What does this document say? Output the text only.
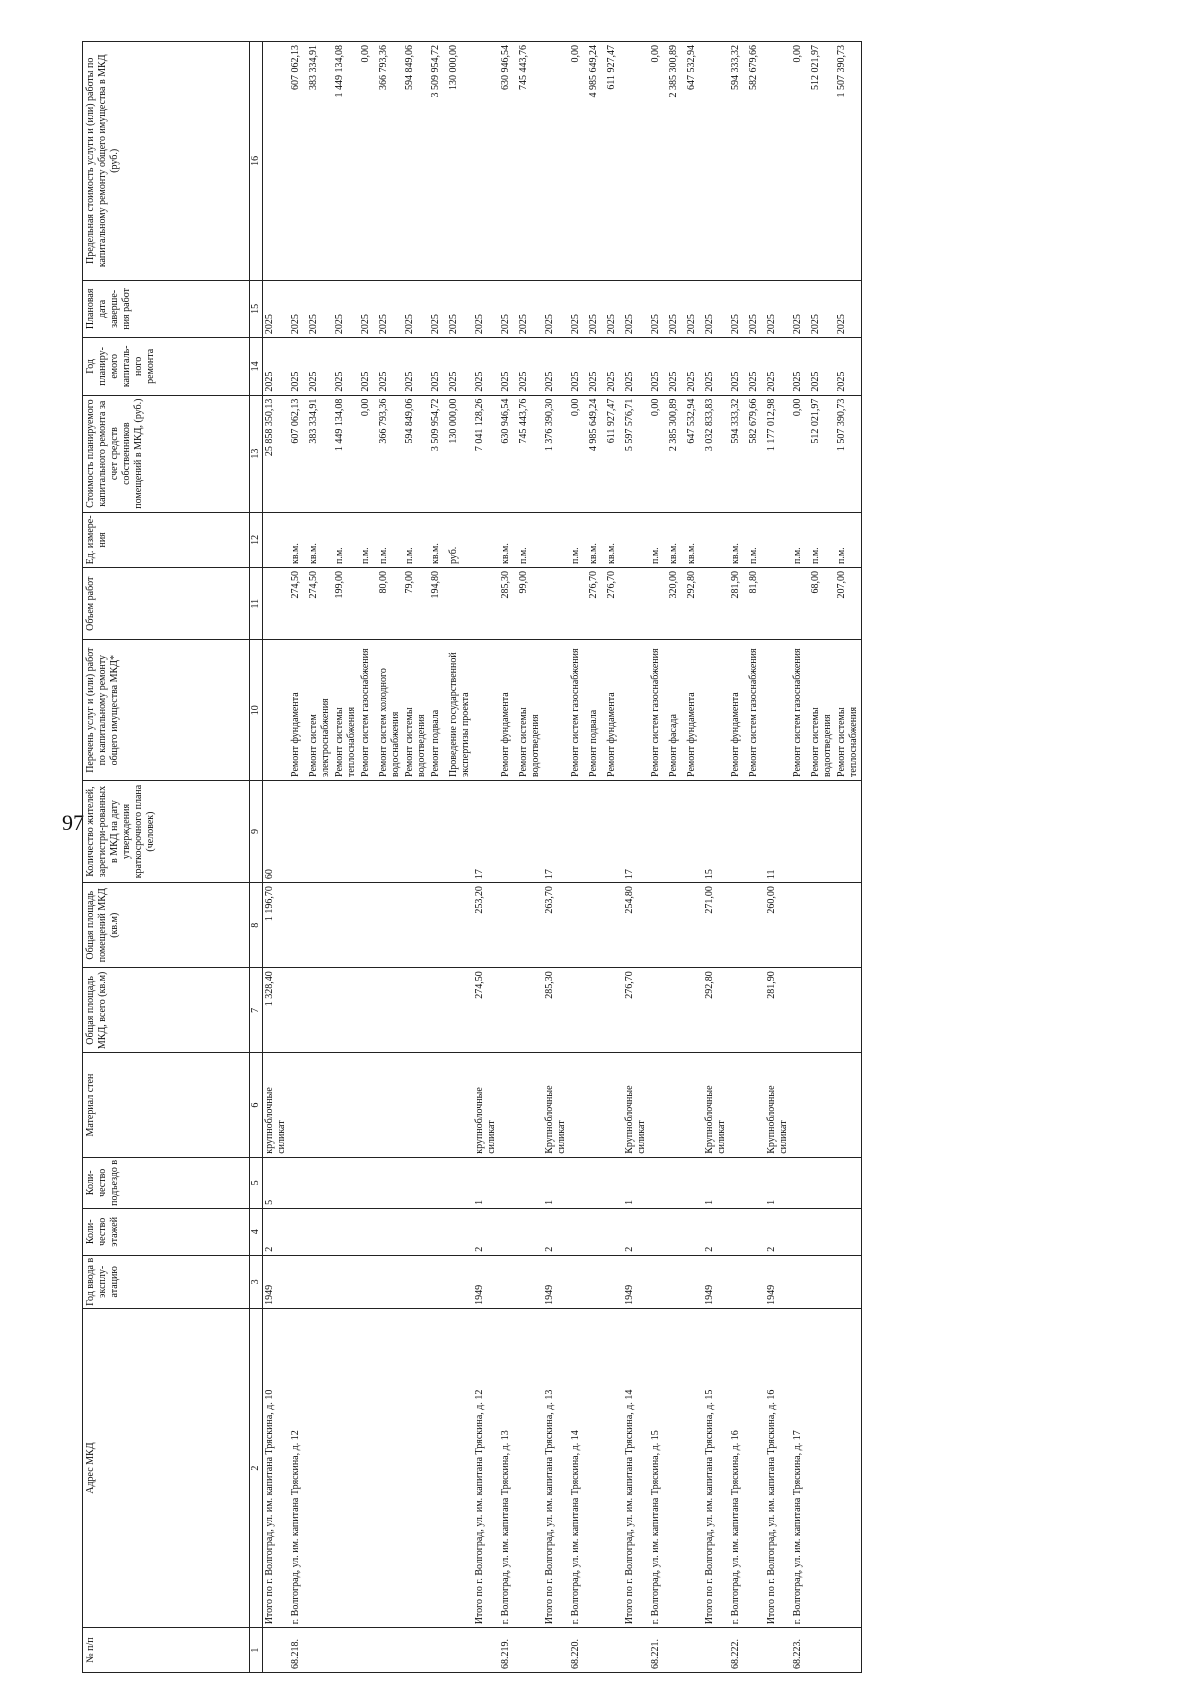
97
№ п/п	Адрес МКД	Год ввода в эксплу-атацию	Коли-чество этажей	Коли-чество подъездо в	Материал стен	Общая площадь МКД, всего (кв.м)	Общая площадь помещений МКД (кв.м)	Количество жителей, зарегистри-рованных в МКД на дату утверждения краткосрочного плана (человек)	Перечень услуг и (или) работ по капитальному ремонту общего имущества МКД*	Объем работ	Ед. измере-ния	Стоимость планируемого капитального ремонта за счет средств собственников помещений в МКД, (руб.)	Год планиру-емого капиталь-ного ремонта	Плановая дата заверше-ния работ	Предельная стоимость услуги и (или) работы по капитальному ремонту общего имущества в МКД (руб.)
1	2	3	4	5	6	7	8	9	10	11	12	13	14	15	16
	Итого по г. Волгоград, ул. им. капитана Тряскина, д. 10	1949	2	5	крупноблочные силикат	1 328,40	1 196,70	60				25 858 350,13	2025	2025	
68.218.	г. Волгоград, ул. им. капитана Тряскина, д. 12								Ремонт фундамента	274,50	кв.м.	607 062,13	2025	2025	607 062,13
									Ремонт систем электроснабжения	274,50	кв.м.	383 334,91	2025	2025	383 334,91
									Ремонт системы теплоснабжения	199,00	п.м.	1 449 134,08	2025	2025	1 449 134,08
									Ремонт систем газоснабжения		п.м.	0,00	2025	2025	0,00
									Ремонт систем холодного водоснабжения	80,00	п.м.	366 793,36	2025	2025	366 793,36
									Ремонт системы водоотведения	79,00	п.м.	594 849,06	2025	2025	594 849,06
									Ремонт подвала	194,80	кв.м.	3 509 954,72	2025	2025	3 509 954,72
									Проведение государственной экспертизы проекта		руб.	130 000,00	2025	2025	130 000,00
	Итого по г. Волгоград, ул. им. капитана Тряскина, д. 12	1949	2	1	крупноблочные силикат	274,50	253,20	17				7 041 128,26	2025	2025	
68.219.	г. Волгоград, ул. им. капитана Тряскина, д. 13								Ремонт фундамента	285,30	кв.м.	630 946,54	2025	2025	630 946,54
									Ремонт системы водоотведения	99,00	п.м.	745 443,76	2025	2025	745 443,76
	Итого по г. Волгоград, ул. им. капитана Тряскина, д. 13	1949	2	1	Крупноблочные силикат	285,30	263,70	17				1 376 390,30	2025	2025	
68.220.	г. Волгоград, ул. им. капитана Тряскина, д. 14								Ремонт систем газоснабжения		п.м.	0,00	2025	2025	0,00
									Ремонт подвала	276,70	кв.м.	4 985 649,24	2025	2025	4 985 649,24
									Ремонт фундамента	276,70	кв.м.	611 927,47	2025	2025	611 927,47
	Итого по г. Волгоград, ул. им. капитана Тряскина, д. 14	1949	2	1	Крупноблочные силикат	276,70	254,80	17				5 597 576,71	2025	2025	
68.221.	г. Волгоград, ул. им. капитана Тряскина, д. 15								Ремонт систем газоснабжения		п.м.	0,00	2025	2025	0,00
									Ремонт фасада	320,00	кв.м.	2 385 300,89	2025	2025	2 385 300,89
									Ремонт фундамента	292,80	кв.м.	647 532,94	2025	2025	647 532,94
	Итого по г. Волгоград, ул. им. капитана Тряскина, д. 15	1949	2	1	Крупноблочные силикат	292,80	271,00	15				3 032 833,83	2025	2025	
68.222.	г. Волгоград, ул. им. капитана Тряскина, д. 16								Ремонт фундамента	281,90	кв.м.	594 333,32	2025	2025	594 333,32
									Ремонт систем газоснабжения	81,80	п.м.	582 679,66	2025	2025	582 679,66
	Итого по г. Волгоград, ул. им. капитана Тряскина, д. 16	1949	2	1	Крупноблочные силикат	281,90	260,00	11				1 177 012,98	2025	2025	
68.223.	г. Волгоград, ул. им. капитана Тряскина, д. 17								Ремонт систем газоснабжения		п.м.	0,00	2025	2025	0,00
									Ремонт системы водоотведения	68,00	п.м.	512 021,97	2025	2025	512 021,97
									Ремонт системы теплоснабжения	207,00	п.м.	1 507 390,73	2025	2025	1 507 390,73
